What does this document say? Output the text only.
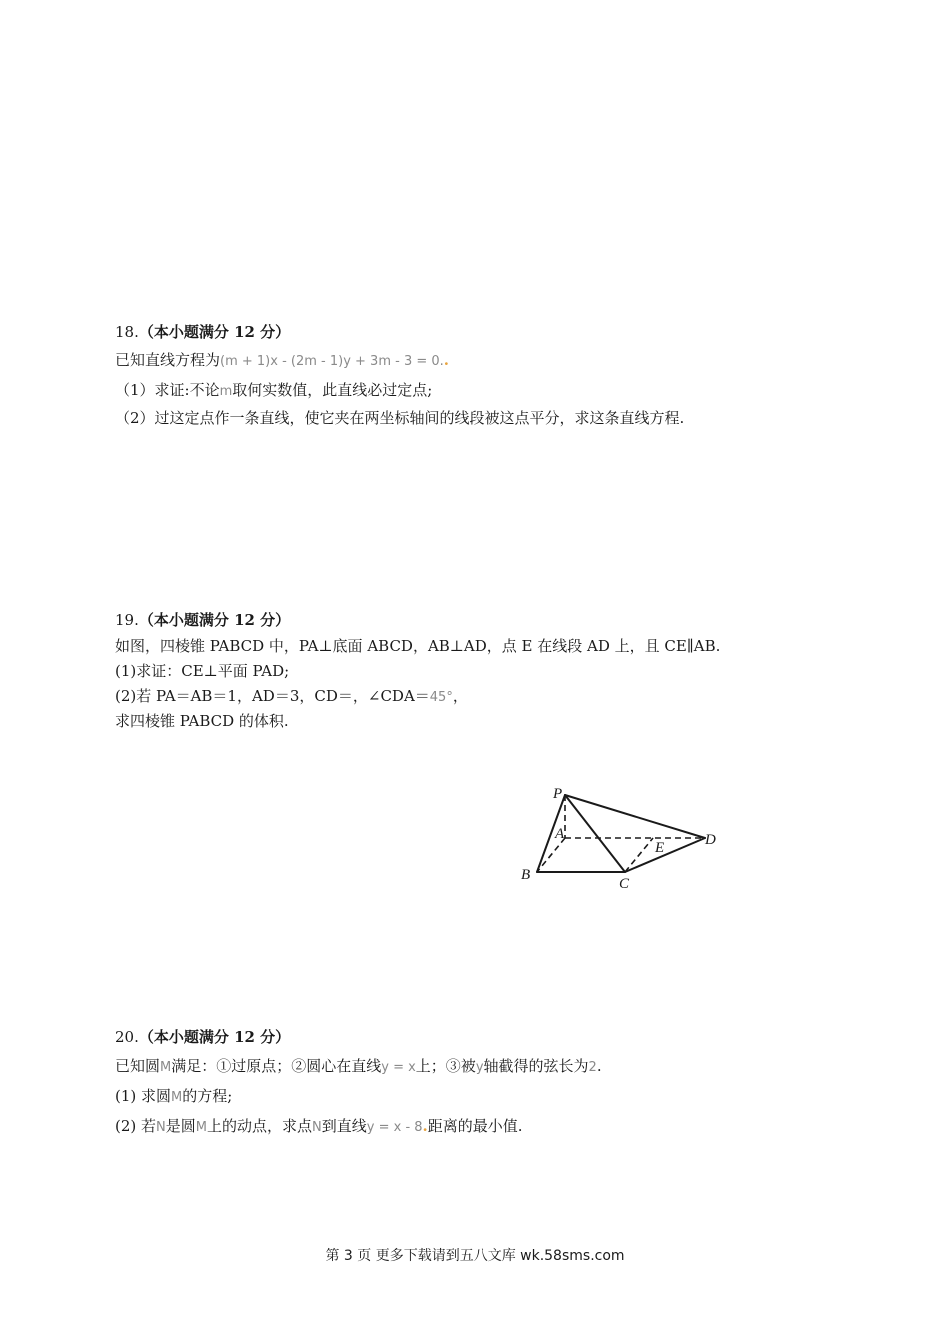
18.（本小题满分 12 分）
已知直线方程为(m + 1)x - (2m - 1)y + 3m - 3 = 0..
（1）求证:不论m取何实数值，此直线必过定点;
（2）过这定点作一条直线，使它夹在两坐标轴间的线段被这点平分，求这条直线方程.
19.（本小题满分 12 分）
如图，四棱锥 PABCD 中，PA⊥底面 ABCD，AB⊥AD，点 E 在线段 AD 上，且 CE∥AB.
(1)求证：CE⊥平面 PAD;
(2)若 PA＝AB＝1，AD＝3，CD＝，∠CDA＝45°，
求四棱锥 PABCD 的体积.
P
A
B
C
D
E
20.（本小题满分 12 分）
已知圆M满足：①过原点；②圆心在直线y = x上；③被y轴截得的弦长为2.
(1) 求圆M的方程;
(2) 若N是圆M上的动点，求点N到直线y = x - 8.距离的最小值.
第 3 页 更多下载请到五八文库 wk.58sms.com
